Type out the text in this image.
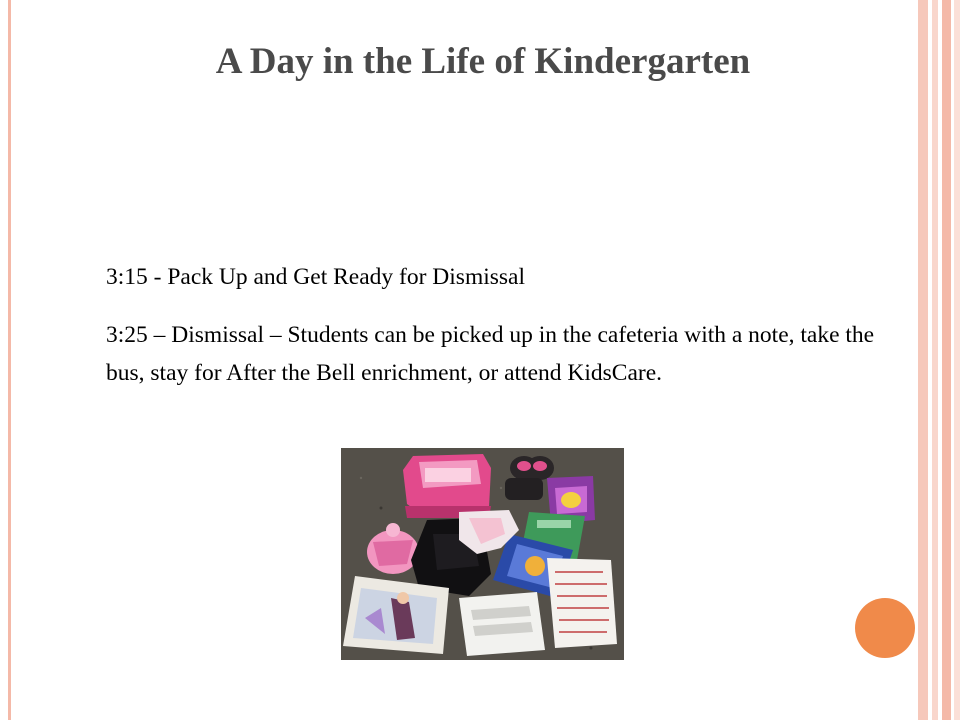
A Day in the Life of Kindergarten

3:15 - Pack Up and Get Ready for Dismissal

3:25 – Dismissal – Students can be picked up in the cafeteria with a note, take the bus, stay for After the Bell enrichment, or attend KidsCare.
